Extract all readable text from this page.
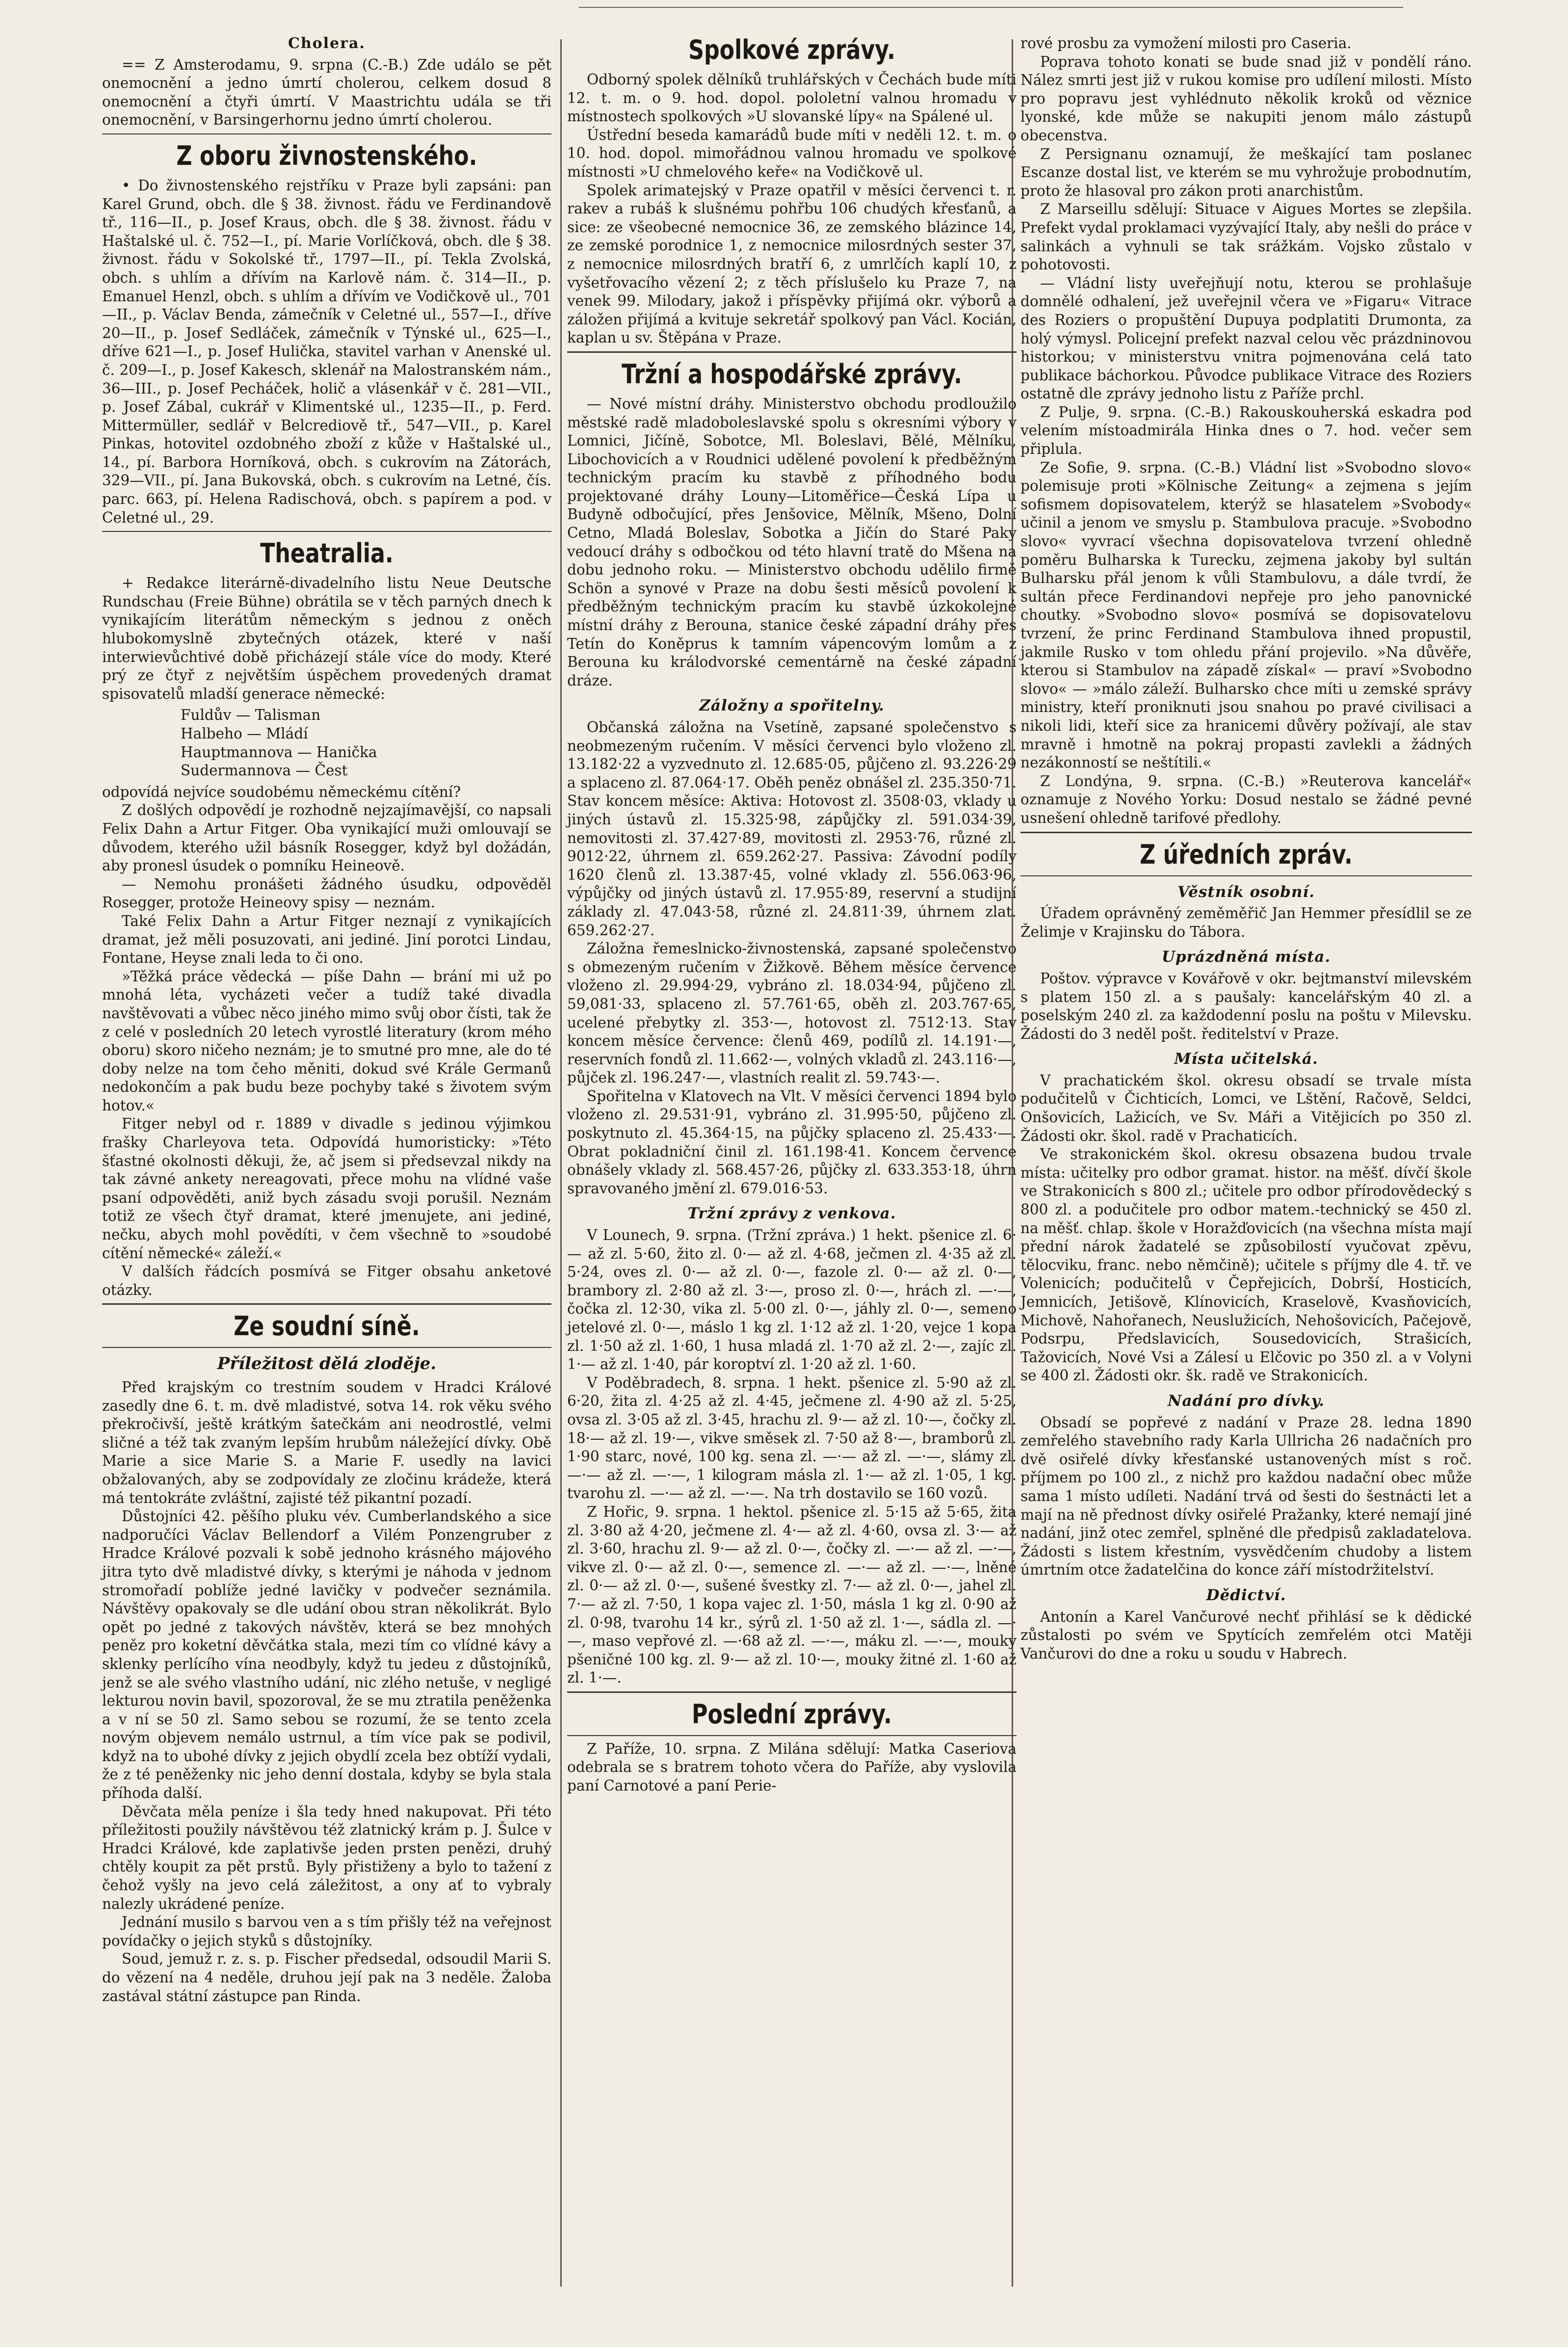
Cholera.

== Z Amsterodamu, 9. srpna (C.-B.) Zde událo se pět onemocnění a jedno úmrtí cholerou, celkem dosud 8 onemocnění a čtyři úmrtí. V Maastrichtu udála se tři onemocnění, v Barsingerhornu jedno úmrtí cholerou.

Z oboru živnostenského.

• Do živnostenského rejstříku v Praze byli zapsáni: pan Karel Grund, obch. dle § 38. živnost. řádu ve Ferdinandově tř., 116—II., p. Josef Kraus, obch. dle § 38. živnost. řádu v Haštalské ul. č. 752—I., pí. Marie Vorlíčková, obch. dle § 38. živnost. řádu v Sokolské tř., 1797—II., pí. Tekla Zvolská, obch. s uhlím a dřívím na Karlově nám. č. 314—II., p. Emanuel Henzl, obch. s uhlím a dřívím ve Vodičkově ul., 701—II., p. Václav Benda, zámečník v Celetné ul., 557—I., dříve 20—II., p. Josef Sedláček, zámečník v Týnské ul., 625—I., dříve 621—I., p. Josef Hulička, stavitel varhan v Anenské ul. č. 209—I., p. Josef Kakesch, sklenář na Malostranském nám., 36—III., p. Josef Pecháček, holič a vlásenkář v č. 281—VII., p. Josef Zábal, cukrář v Klimentské ul., 1235—II., p. Ferd. Mittermüller, sedlář v Belcrediově tř., 547—VII., p. Karel Pinkas, hotovitel ozdobného zboží z kůže v Haštalské ul., 14., pí. Barbora Horníková, obch. s cukrovím na Zátorách, 329—VII., pí. Jana Bukovská, obch. s cukrovím na Letné, čís. parc. 663, pí. Helena Radischová, obch. s papírem a pod. v Celetné ul., 29.

Theatralia.

+ Redakce literárně-divadelního listu Neue Deutsche Rundschau (Freie Bühne) obrátila se v těch parných dnech k vynikajícím literátům německým s jednou z oněch hlubokomyslně zbytečných otázek, které v naší interwievůchtivé době přicházejí stále více do mody. Které prý ze čtyř z největším úspěchem provedených dramat spisovatelů mladší generace německé:

Fuldův — Talisman
Halbeho — Mládí
Hauptmannova — Hanička
Sudermannova — Čest

odpovídá nejvíce soudobému německému cítění?

Z došlých odpovědí je rozhodně nejzajímavější, co napsali Felix Dahn a Artur Fitger. Oba vynikající muži omlouvají se důvodem, kterého užil básník Rosegger, když byl dožádán, aby pronesl úsudek o pomníku Heineově.

— Nemohu pronášeti žádného úsudku, odpověděl Rosegger, protože Heineovy spisy — neznám.

Také Felix Dahn a Artur Fitger neznají z vynikajících dramat, jež měli posuzovati, ani jediné. Jiní porotci Lindau, Fontane, Heyse znali leda to či ono.

»Těžká práce vědecká — píše Dahn — brání mi už po mnohá léta, vycházeti večer a tudíž také divadla navštěvovati a vůbec něco jiného mimo svůj obor čísti, tak že z celé v posledních 20 letech vyrostlé literatury (krom mého oboru) skoro ničeho neznám; je to smutné pro mne, ale do té doby nelze na tom čeho měniti, dokud své Krále Germanů nedokončím a pak budu beze pochyby také s životem svým hotov.«

Fitger nebyl od r. 1889 v divadle s jedinou výjimkou frašky Charleyova teta. Odpovídá humoristicky: »Této šťastné okolnosti děkuji, že, ač jsem si předsevzal nikdy na tak závné ankety nereagovati, přece mohu na vlídné vaše psaní odpověděti, aniž bych zásadu svoji porušil. Neznám totiž ze všech čtyř dramat, které jmenujete, ani jediné, nečku, abych mohl povědíti, v čem všechně to »soudobé cítění německé« záleží.«

V dalších řádcích posmívá se Fitger obsahu anketové otázky.

Ze soudní síně.
Příležitost dělá zloděje.

Před krajským co trestním soudem v Hradci Králové zasedly dne 6. t. m. dvě mladistvé, sotva 14. rok věku svého překročivší, ještě krátkým šatečkám ani neodrostlé, velmi sličné a též tak zvaným lepším hrubům náležející dívky. Obě Marie a sice Marie S. a Marie F. usedly na lavici obžalovaných, aby se zodpovídaly ze zločinu krádeže, která má tentokráte zvláštní, zajisté též pikantní pozadí.

Důstojníci 42. pěšího pluku vév. Cumberlandského a sice nadporučíci Václav Bellendorf a Vilém Ponzengruber z Hradce Králové pozvali k sobě jednoho krásného májového jitra tyto dvě mladistvé dívky, s kterými je náhoda v jednom stromořadí poblíže jedné lavičky v podvečer seznámila. Návštěvy opakovaly se dle udání obou stran několikrát. Bylo opět po jedné z takových návštěv, která se bez mnohých peněz pro koketní děvčátka stala, mezi tím co vlídné kávy a sklenky perlícího vína neodbyly, když tu jedeu z důstojníků, jenž se ale svého vlastního udání, nic zlého netuše, v negligé lekturou novin bavil, spozoroval, že se mu ztratila peněženka a v ní se 50 zl. Samo sebou se rozumí, že se tento zcela novým objevem nemálo ustrnul, a tím více pak se podivil, když na to ubohé dívky z jejich obydlí zcela bez obtíží vydali, že z té peněženky nic jeho denní dostala, kdyby se byla stala příhoda další.

Děvčata měla peníze i šla tedy hned nakupovat. Při této příležitosti použily návštěvou též zlatnický krám p. J. Šulce v Hradci Králové, kde zaplativše jeden prsten penězi, druhý chtěly koupit za pět prstů. Byly přistiženy a bylo to tažení z čehož vyšly na jevo celá záležitost, a ony ať to vybraly nalezly ukrádené peníze.

Jednání musilo s barvou ven a s tím přišly též na veřejnost povídačky o jejich styků s důstojníky.

Soud, jemuž r. z. s. p. Fischer předsedal, odsoudil Marii S. do vězení na 4 neděle, druhou její pak na 3 neděle. Žaloba zastával státní zástupce pan Rinda.

Spolkové zprávy.

Odborný spolek dělníků truhlářských v Čechách bude míti 12. t. m. o 9. hod. dopol. pololetní valnou hromadu v místnostech spolkových »U slovanské lípy« na Spálené ul.

Ústřední beseda kamarádů bude míti v neděli 12. t. m. o 10. hod. dopol. mimořádnou valnou hromadu ve spolkové místnosti »U chmelového keře« na Vodičkově ul.

Spolek arimatejský v Praze opatřil v měsíci červenci t. r. rakev a rubáš k slušnému pohřbu 106 chudých křesťanů, a sice: ze všeobecné nemocnice 36, ze zemského blázince 14, ze zemské porodnice 1, z nemocnice milosrdných sester 37, z nemocnice milosrdných bratří 6, z umrlčích kaplí 10, z vyšetřovacího vězení 2; z těch příslušelo ku Praze 7, na venek 99. Milodary, jakož i příspěvky přijímá okr. výborů a záložen přijímá a kvituje sekretář spolkový pan Václ. Kocián, kaplan u sv. Štěpána v Praze.

Tržní a hospodářské zprávy.

— Nové místní dráhy. Ministerstvo obchodu prodloužilo městské radě mladoboleslavské spolu s okresními výbory v Lomnici, Jičíně, Sobotce, Ml. Boleslavi, Bělé, Mělníku, Libochovicích a v Roudnici udělené povolení k předběžným technickým pracím ku stavbě z příhodného bodu projektované dráhy Louny—Litoměřice—Česká Lípa u Budyně odbočující, přes Jenšovice, Mělník, Mšeno, Dolní Cetno, Mladá Boleslav, Sobotka a Jičín do Staré Paky vedoucí dráhy s odbočkou od této hlavní tratě do Mšena na dobu jednoho roku. — Ministerstvo obchodu udělilo firmě Schön a synové v Praze na dobu šesti měsíců povolení k předběžným technickým pracím ku stavbě úzkokolejné místní dráhy z Berouna, stanice české západní dráhy přes Tetín do Koněprus k tamním vápencovým lomům a z Berouna ku králodvorské cementárně na české západní dráze.

Záložny a spořitelny.

Občanská záložna na Vsetíně, zapsané společenstvo s neobmezeným ručením. V měsíci červenci bylo vloženo zl. 13.182·22 a vyzvednuto zl. 12.685·05, půjčeno zl. 93.226·29 a splaceno zl. 87.064·17. Oběh peněz obnášel zl. 235.350·71. Stav koncem měsíce: Aktiva: Hotovost zl. 3508·03, vklady u jiných ústavů zl. 15.325·98, zápůjčky zl. 591.034·39, nemovitosti zl. 37.427·89, movitosti zl. 2953·76, různé zl. 9012·22, úhrnem zl. 659.262·27. Passiva: Závodní podíly 1620 členů zl. 13.387·45, volné vklady zl. 556.063·96, výpůjčky od jiných ústavů zl. 17.955·89, reservní a studijní základy zl. 47.043·58, různé zl. 24.811·39, úhrnem zlat. 659.262·27.

Záložna řemeslnicko-živnostenská, zapsané společenstvo s obmezeným ručením v Žižkově. Během měsíce července vloženo zl. 29.994·29, vybráno zl. 18.034·94, půjčeno zl. 59,081·33, splaceno zl. 57.761·65, oběh zl. 203.767·65, ucelené přebytky zl. 353·—, hotovost zl. 7512·13. Stav koncem měsíce července: členů 469, podílů zl. 14.191·—, reservních fondů zl. 11.662·—, volných vkladů zl. 243.116·—, půjček zl. 196.247·—, vlastních realit zl. 59.743·—.

Spořitelna v Klatovech na Vlt. V měsíci červenci 1894 bylo vloženo zl. 29.531·91, vybráno zl. 31.995·50, půjčeno zl. poskytnuto zl. 45.364·15, na půjčky splaceno zl. 25.433·—. Obrat pokladniční činil zl. 161.198·41. Koncem července obnášely vklady zl. 568.457·26, půjčky zl. 633.353·18, úhrn spravovaného jmění zl. 679.016·53.

Tržní zprávy z venkova.

V Lounech, 9. srpna. (Tržní zpráva.) 1 hekt. pšenice zl. 6·— až zl. 5·60, žito zl. 0·— až zl. 4·68, ječmen zl. 4·35 až zl. 5·24, oves zl. 0·— až zl. 0·—, fazole zl. 0·— až zl. 0·—, brambory zl. 2·80 až zl. 3·—, proso zl. 0·—, hrách zl. —·—, čočka zl. 12·30, vika zl. 5·00 zl. 0·—, jáhly zl. 0·—, semeno jetelové zl. 0·—, máslo 1 kg zl. 1·12 až zl. 1·20, vejce 1 kopa zl. 1·50 až zl. 1·60, 1 husa mladá zl. 1·70 až zl. 2·—, zajíc zl. 1·— až zl. 1·40, pár koroptví zl. 1·20 až zl. 1·60.

V Poděbradech, 8. srpna. 1 hekt. pšenice zl. 5·90 až zl. 6·20, žita zl. 4·25 až zl. 4·45, ječmene zl. 4·90 až zl. 5·25, ovsa zl. 3·05 až zl. 3·45, hrachu zl. 9·— až zl. 10·—, čočky zl. 18·— až zl. 19·—, vikve směsek zl. 7·50 až 8·—, bramborů zl. 1·90 starc, nové, 100 kg. sena zl. —·— až zl. —·—, slámy zl. —·— až zl. —·—, 1 kilogram másla zl. 1·— až zl. 1·05, 1 kg. tvarohu zl. —·— až zl. —·—. Na trh dostavilo se 160 vozů.

Z Hořic, 9. srpna. 1 hektol. pšenice zl. 5·15 až 5·65, žita zl. 3·80 až 4·20, ječmene zl. 4·— až zl. 4·60, ovsa zl. 3·— až zl. 3·60, hrachu zl. 9·— až zl. 0·—, čočky zl. —·— až zl. —·—, vikve zl. 0·— až zl. 0·—, semence zl. —·— až zl. —·—, lněné zl. 0·— až zl. 0·—, sušené švestky zl. 7·— až zl. 0·—, jahel zl. 7·— až zl. 7·50, 1 kopa vajec zl. 1·50, másla 1 kg zl. 0·90 až zl. 0·98, tvarohu 14 kr., sýrů zl. 1·50 až zl. 1·—, sádla zl. —·—, maso vepřové zl. —·68 až zl. —·—, máku zl. —·—, mouky pšeničné 100 kg. zl. 9·— až zl. 10·—, mouky žitné zl. 1·60 až zl. 1·—.

Poslední zprávy.

Z Paříže, 10. srpna. Z Milána sdělují: Matka Caseriova odebrala se s bratrem tohoto včera do Paříže, aby vyslovila paní Carnotové a paní Perie-

rové prosbu za vymožení milosti pro Caseria.

Poprava tohoto konati se bude snad již v pondělí ráno. Nález smrti jest již v rukou komise pro udílení milosti. Místo pro popravu jest vyhlédnuto několik kroků od věznice lyonské, kde může se nakupiti jenom málo zástupů obecenstva.

Z Persignanu oznamují, že meškající tam poslanec Escanze dostal list, ve kterém se mu vyhrožuje probodnutím, proto že hlasoval pro zákon proti anarchistům.

Z Marseillu sdělují: Situace v Aigues Mortes se zlepšila. Prefekt vydal proklamaci vyzývající Italy, aby nešli do práce v salinkách a vyhnuli se tak srážkám. Vojsko zůstalo v pohotovosti.

— Vládní listy uveřejňují notu, kterou se prohlašuje domnělé odhalení, jež uveřejnil včera ve »Figaru« Vitrace des Roziers o propuštění Dupuya podplatiti Drumonta, za holý výmysl. Policejní prefekt nazval celou věc prázdninovou historkou; v ministerstvu vnitra pojmenována celá tato publikace báchorkou. Původce publikace Vitrace des Roziers ostatně dle zprávy jednoho listu z Paříže prchl.

Z Pulje, 9. srpna. (C.-B.) Rakouskouherská eskadra pod velením místoadmirála Hinka dnes o 7. hod. večer sem připlula.

Ze Sofie, 9. srpna. (C.-B.) Vládní list »Svobodno slovo« polemisuje proti »Kölnische Zeitung« a zejmena s jejím sofismem dopisovatelem, kterýž se hlasatelem »Svobody« učinil a jenom ve smyslu p. Stambulova pracuje. »Svobodno slovo« vyvrací všechna dopisovatelova tvrzení ohledně poměru Bulharska k Turecku, zejmena jakoby byl sultán Bulharsku přál jenom k vůli Stambulovu, a dále tvrdí, že sultán přece Ferdinandovi nepřeje pro jeho panovnické choutky. »Svobodno slovo« posmívá se dopisovatelovu tvrzení, že princ Ferdinand Stambulova ihned propustil, jakmile Rusko v tom ohledu přání projevilo. »Na důvěře, kterou si Stambulov na západě získal« — praví »Svobodno slovo« — »málo záleží. Bulharsko chce míti u zemské správy ministry, kteří proniknuti jsou snahou po pravé civilisaci a nikoli lidi, kteří sice za hranicemi důvěry požívají, ale stav mravně i hmotně na pokraj propasti zavlekli a žádných nezákonností se neštítili.«

Z Londýna, 9. srpna. (C.-B.) »Reuterova kancelář« oznamuje z Nového Yorku: Dosud nestalo se žádné pevné usnešení ohledně tarifové předlohy.

Z úředních zpráv.
Věstník osobní.

Úřadem oprávněný zeměměřič Jan Hemmer přesídlil se ze Želimje v Krajinsku do Tábora.

Uprázdněná místa.

Poštov. výpravce v Kovářově v okr. bejtmanství milevském s platem 150 zl. a s paušaly: kancelářským 40 zl. a poselským 240 zl. za každodenní poslu na poštu v Milevsku. Žádosti do 3 neděl pošt. ředitelství v Praze.

Místa učitelská.

V prachatickém škol. okresu obsadí se trvale místa podučitelů v Čichticích, Lomci, ve Lštění, Račově, Seldci, Onšovicích, Lažicích, ve Sv. Máři a Vitějicích po 350 zl. Žádosti okr. škol. radě v Prachaticích.

Ve strakonickém škol. okresu obsazena budou trvale místa: učitelky pro odbor gramat. histor. na měšť. dívčí škole ve Strakonicích s 800 zl.; učitele pro odbor přírodovědecký s 800 zl. a podučitele pro odbor matem.-technický se 450 zl. na měšť. chlap. škole v Horažďovicích (na všechna místa mají přední nárok žadatelé se způsobilostí vyučovat zpěvu, tělocviku, franc. nebo němčině); učitele s příjmy dle 4. tř. ve Volenicích; podučitelů v Čepřejicích, Dobrší, Hosticích, Jemnicích, Jetišově, Klínovicích, Kraselově, Kvasňovicích, Michově, Nahořanech, Neuslužicích, Nehošovicích, Pačejově, Podsrpu, Předslavicích, Sousedovicích, Strašicích, Tažovicích, Nové Vsi a Zálesí u Elčovic po 350 zl. a v Volyni se 400 zl. Žádosti okr. šk. radě ve Strakonicích.

Nadání pro dívky.

Obsadí se popřevé z nadání v Praze 28. ledna 1890 zemřelého stavebního rady Karla Ullricha 26 nadačních pro dvě osiřelé dívky křesťanské ustanovených míst s roč. příjmem po 100 zl., z nichž pro každou nadační obec může sama 1 místo udíleti. Nadání trvá od šesti do šestnácti let a mají na ně přednost dívky osiřelé Pražanky, které nemají jiné nadání, jinž otec zemřel, splněné dle předpisů zakladatelova. Žádosti s listem křestním, vysvědčením chudoby a listem úmrtním otce žadatelčina do konce září místodržitelství.

Dědictví.

Antonín a Karel Vančurové nechť přihlásí se k dědické zůstalosti po svém ve Spytících zemřelém otci Matěji Vančurovi do dne a roku u soudu v Habrech.
